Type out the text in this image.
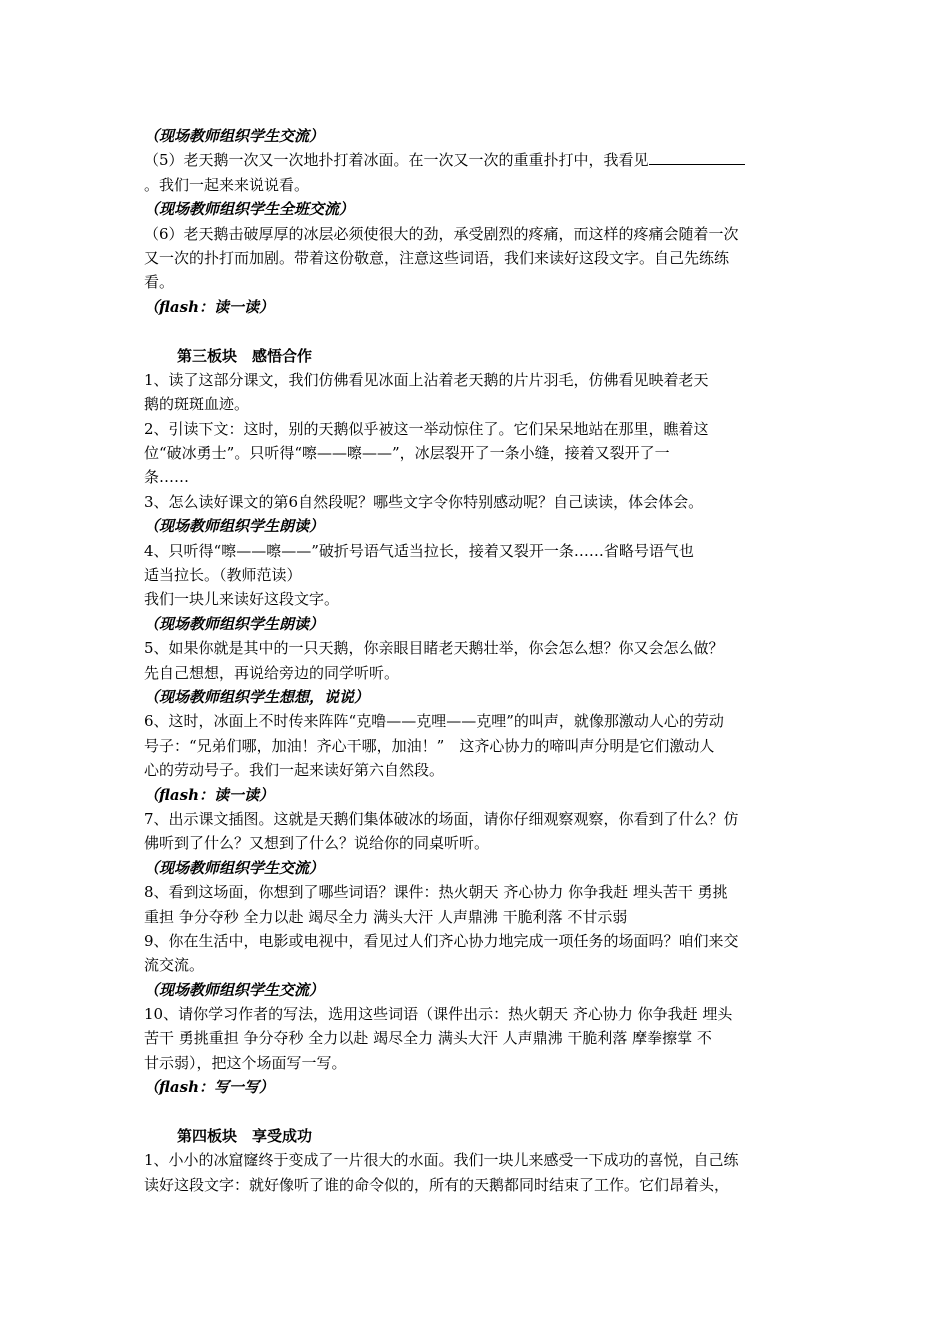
（现场教师组织学生交流）
（5）老天鹅一次又一次地扑打着冰面。在一次又一次的重重扑打中，我看见
。我们一起来来说说看。
（现场教师组织学生全班交流）
（6）老天鹅击破厚厚的冰层必须使很大的劲，承受剧烈的疼痛，而这样的疼痛会随着一次
又一次的扑打而加剧。带着这份敬意，注意这些词语，我们来读好这段文字。自己先练练
看。
（flash：读一读）
第三板块　感悟合作
1、读了这部分课文，我们仿佛看见冰面上沾着老天鹅的片片羽毛，仿佛看见映着老天
鹅的斑斑血迹。
2、引读下文：这时，别的天鹅似乎被这一举动惊住了。它们呆呆地站在那里，瞧着这
位“破冰勇士”。只听得“嚓——嚓——”，冰层裂开了一条小缝，接着又裂开了一
条……
3、怎么读好课文的第6自然段呢？哪些文字令你特别感动呢？自己读读，体会体会。
（现场教师组织学生朗读）
4、只听得“嚓——嚓——”破折号语气适当拉长，接着又裂开一条……省略号语气也
适当拉长。（教师范读）
我们一块儿来读好这段文字。
（现场教师组织学生朗读）
5、如果你就是其中的一只天鹅，你亲眼目睹老天鹅壮举，你会怎么想？你又会怎么做？
先自己想想，再说给旁边的同学听听。
（现场教师组织学生想想，说说）
6、这时，冰面上不时传来阵阵“克噜——克哩——克哩”的叫声，就像那激动人心的劳动
号子：“兄弟们哪，加油！齐心干哪，加油！”　这齐心协力的啼叫声分明是它们激动人
心的劳动号子。我们一起来读好第六自然段。
（flash：读一读）
7、出示课文插图。这就是天鹅们集体破冰的场面，请你仔细观察观察，你看到了什么？仿
佛听到了什么？又想到了什么？说给你的同桌听听。
（现场教师组织学生交流）
8、看到这场面，你想到了哪些词语？课件：热火朝天 齐心协力 你争我赶 埋头苦干 勇挑
重担 争分夺秒 全力以赴 竭尽全力 满头大汗 人声鼎沸 干脆利落 不甘示弱
9、你在生活中，电影或电视中，看见过人们齐心协力地完成一项任务的场面吗？咱们来交
流交流。
（现场教师组织学生交流）
10、请你学习作者的写法，选用这些词语（课件出示：热火朝天 齐心协力 你争我赶 埋头
苦干 勇挑重担 争分夺秒 全力以赴 竭尽全力 满头大汗 人声鼎沸 干脆利落 摩拳擦掌 不
甘示弱），把这个场面写一写。
（flash：写一写）
第四板块　享受成功
1、小小的冰窟窿终于变成了一片很大的水面。我们一块儿来感受一下成功的喜悦，自己练
读好这段文字：就好像听了谁的命令似的，所有的天鹅都同时结束了工作。它们昂着头，
